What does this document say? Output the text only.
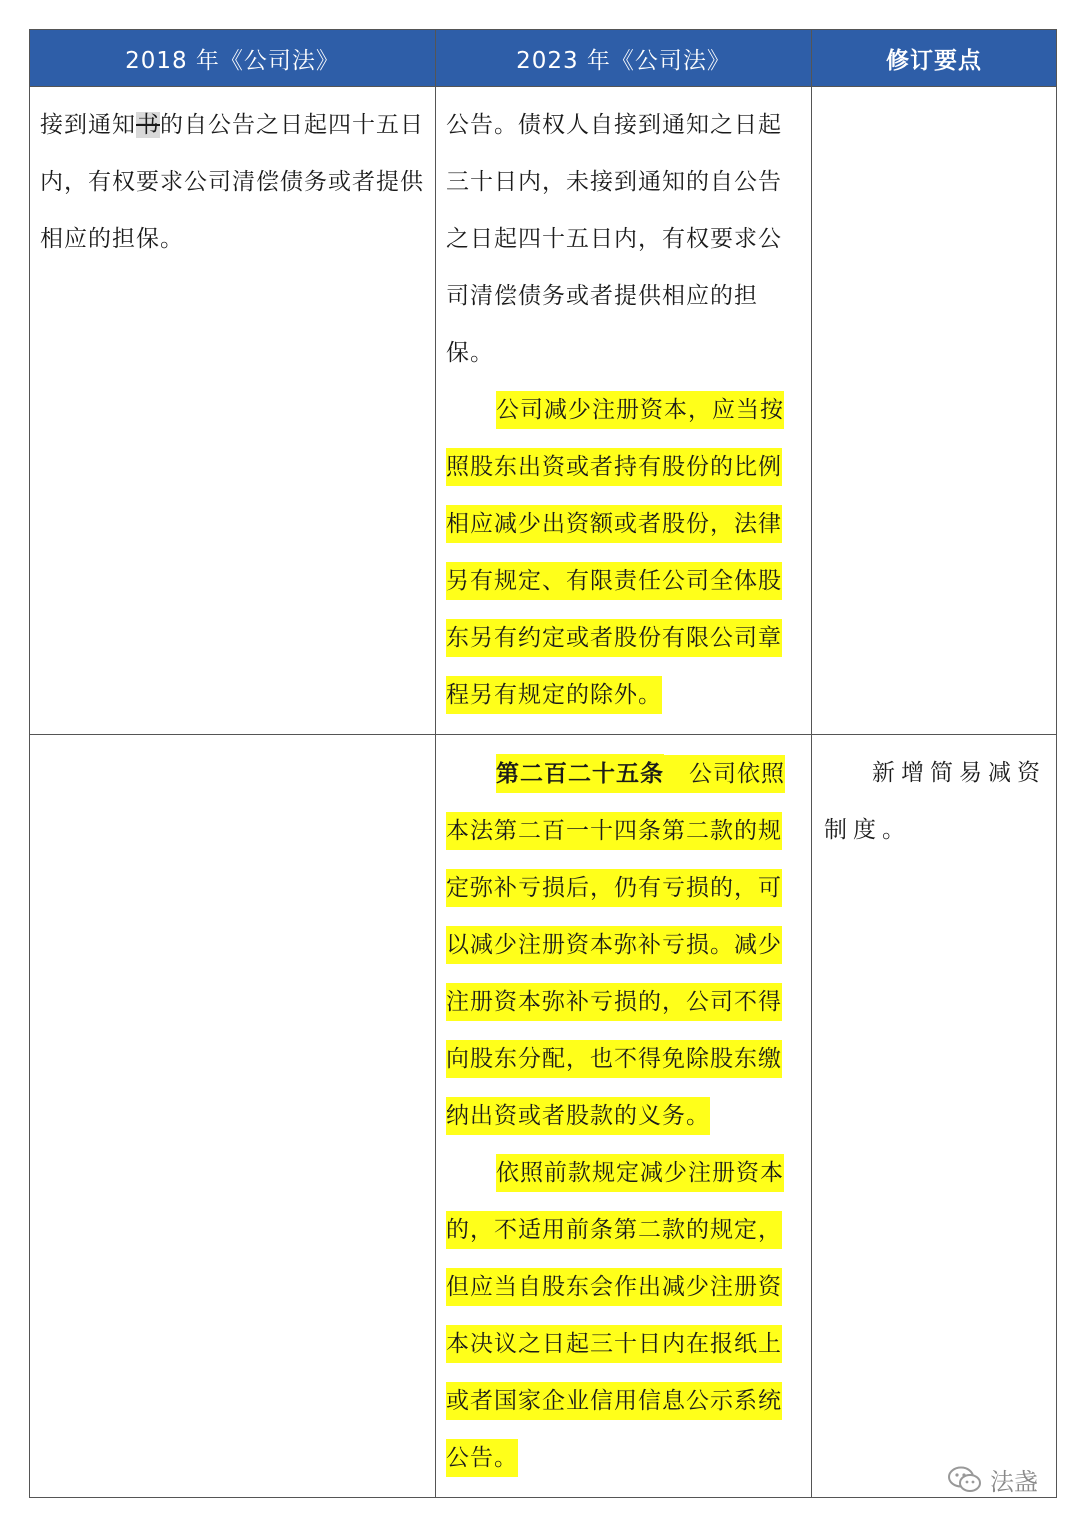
2018 年《公司法》	2023 年《公司法》	修订要点

接到通知书的自公告之日起四十五日内，有权要求公司清偿债务或者提供相应的担保。	公告。债权人自接到通知之日起三十日内，未接到通知的自公告之日起四十五日内，有权要求公司清偿债务或者提供相应的担保。

公司减少注册资本，应当按照股东出资或者持有股份的比例相应减少出资额或者股份，法律另有规定、有限责任公司全体股东另有约定或者股份有限公司章程另有规定的除外。	

	第二百二十五条 公司依照本法第二百一十四条第二款的规定弥补亏损后，仍有亏损的，可以减少注册资本弥补亏损。减少注册资本弥补亏损的，公司不得向股东分配，也不得免除股东缴纳出资或者股款的义务。

依照前款规定减少注册资本的，不适用前条第二款的规定，但应当自股东会作出减少注册资本决议之日起三十日内在报纸上或者国家企业信用信息公示系统公告。	新增简易减资制度。
法盏
